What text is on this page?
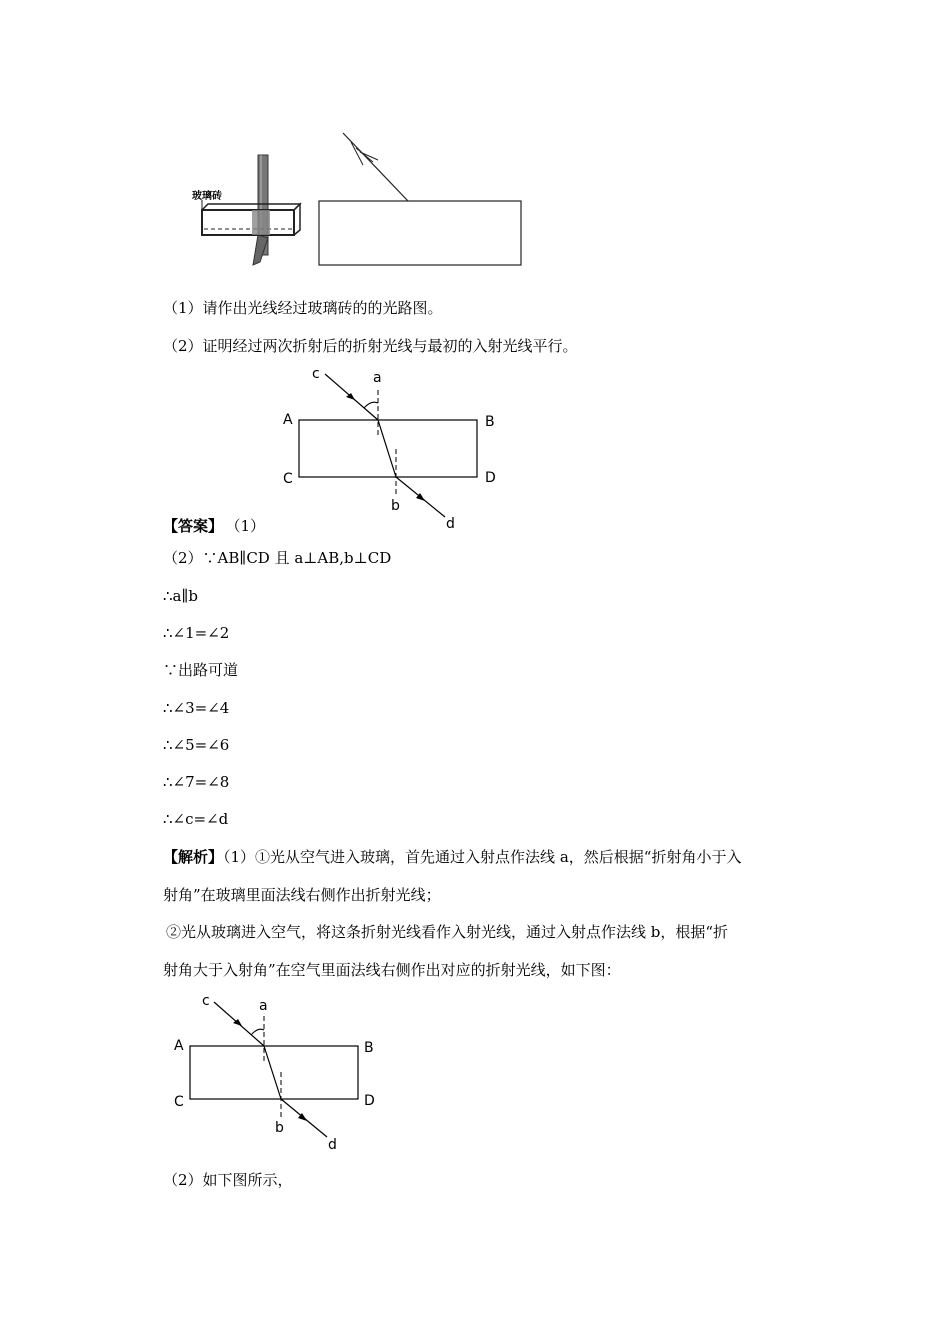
玻璃砖
（1）请作出光线经过玻璃砖的的光路图。
（2）证明经过两次折射后的折射光线与最初的入射光线平行。
c	a
A	B
C	D
b
d
【答案】 （1）
（2）∵AB∥CD 且 a⊥AB,b⊥CD
∴a∥b
∴∠1=∠2
∵出路可道
∴∠3=∠4
∴∠5=∠6
∴∠7=∠8
∴∠c=∠d
【解析】（1）①光从空气进入玻璃，首先通过入射点作法线 a，然后根据“折射角小于入
射角”在玻璃里面法线右侧作出折射光线；
②光从玻璃进入空气，将这条折射光线看作入射光线，通过入射点作法线 b，根据“折
射角大于入射角”在空气里面法线右侧作出对应的折射光线，如下图：
c	a
A	B
C	D
b
d
（2）如下图所示，
